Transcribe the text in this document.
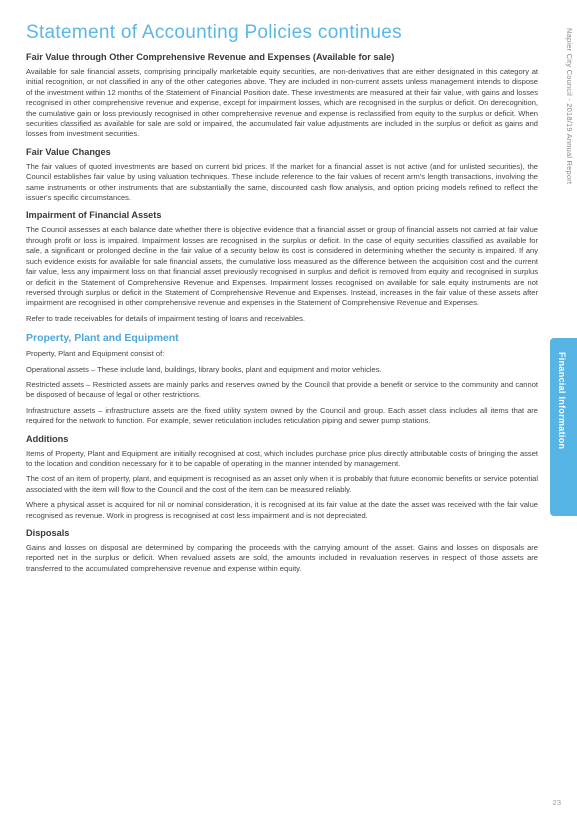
Statement of Accounting Policies continues	Napier City Council - 2018/19 Annual Report
Financial Information
Fair Value through Other Comprehensive Revenue and Expenses (Available for sale)

Available for sale financial assets, comprising principally marketable equity securities, are non-derivatives that are either designated in this category at initial recognition, or not classified in any of the other categories above. They are included in non-current assets unless management intends to dispose of the investment within 12 months of the Statement of Financial Position date. These investments are measured at their fair value, with gains and losses recognised in other comprehensive revenue and expense, except for impairment losses, which are recognised in the surplus or deficit. On derecognition, the cumulative gain or loss previously recognised in other comprehensive revenue and expense is reclassified from equity to the surplus or deficit. When securities classified as available for sale are sold or impaired, the accumulated fair value adjustments are included in the surplus or deficit as gains and losses from investment securities.

Fair Value Changes

The fair values of quoted investments are based on current bid prices. If the market for a financial asset is not active (and for unlisted securities), the Council establishes fair value by using valuation techniques. These include reference to the fair values of recent arm's length transactions, involving the same instruments or other instruments that are substantially the same, discounted cash flow analysis, and option pricing models refined to reflect the issuer's specific circumstances.

Impairment of Financial Assets

The Council assesses at each balance date whether there is objective evidence that a financial asset or group of financial assets not carried at fair value through profit or loss is impaired. Impairment losses are recognised in the surplus or deficit. In the case of equity securities classified as available for sale, a significant or prolonged decline in the fair value of a security below its cost is considered in determining whether the security is impaired. If any such evidence exists for available for sale financial assets, the cumulative loss measured as the difference between the acquisition cost and the current fair value, less any impairment loss on that financial asset previously recognised in surplus and deficit is removed from equity and recognised in surplus or deficit in the Statement of Comprehensive Revenue and Expenses. Impairment losses recognised on available for sale equity instruments are not reversed through surplus or deficit in the Statement of Comprehensive Revenue and Expenses. Instead, increases in the fair value of these assets after impairment are recognised in other comprehensive revenue and expenses in the Statement of Comprehensive Revenue and Expenses.

Refer to trade receivables for details of impairment testing of loans and receivables.

Property, Plant and Equipment

Property, Plant and Equipment consist of:

Operational assets – These include land, buildings, library books, plant and equipment and motor vehicles.

Restricted assets – Restricted assets are mainly parks and reserves owned by the Council that provide a benefit or service to the community and cannot be disposed of because of legal or other restrictions.

Infrastructure assets – infrastructure assets are the fixed utility system owned by the Council and group. Each asset class includes all items that are required for the network to function. For example, sewer reticulation includes reticulation piping and sewer pump stations.

Additions

Items of Property, Plant and Equipment are initially recognised at cost, which includes purchase price plus directly attributable costs of bringing the asset to the location and condition necessary for it to be capable of operating in the manner intended by management.

The cost of an item of property, plant, and equipment is recognised as an asset only when it is probably that future economic benefits or service potential associated with the item will flow to the Council and the cost of the item can be measured reliably.

Where a physical asset is acquired for nil or nominal consideration, it is recognised at its fair value at the date the asset was received with the fair value recognised as revenue. Work in progress is recognised at cost less impairment and is not depreciated.

Disposals

Gains and losses on disposal are determined by comparing the proceeds with the carrying amount of the asset. Gains and losses on disposals are reported net in the surplus or deficit. When revalued assets are sold, the amounts included in revaluation reserves in respect of those assets are transferred to the accumulated comprehensive revenue and expense within equity.

23
